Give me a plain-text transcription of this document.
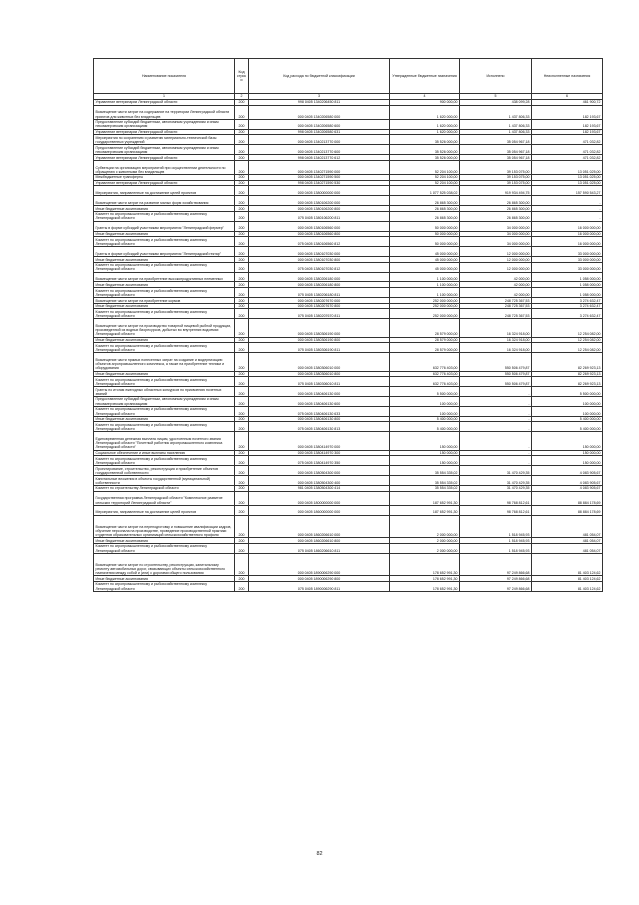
Наименование показателя	Код строки	Код расхода по бюджетной классификации	Утвержденные бюджетные назначения	Исполнено	Неисполненные назначения
1	2	3	4	5	6
Управление ветеринарии Ленинградской области	200	998 0405 1340206450 811	900 000,00	438 099,28	461 900,72
Возмещение части затрат на содержание на территории Ленинградской области приютов для животных без владельцев	200	000 0405 1340206580 000	1 620 000,00	1 437 806,33	182 193,67
Предоставление субсидий бюджетным, автономным учреждениям и иным некоммерческим организациям	200	000 0405 1340206580 600	1 620 000,00	1 437 806,33	182 193,67
Управление ветеринарии Ленинградской области	200	998 0405 1340206580 631	1 620 000,00	1 437 806,33	182 193,67
Мероприятия по сохранению и развитию материально-технической базы государственных учреждений	200	000 0405 1340213770 000	35 526 000,00	35 054 967,18	471 032,82
Предоставление субсидий бюджетным, автономным учреждениям и иным некоммерческим организациям	200	000 0405 1340213770 600	35 526 000,00	35 054 967,18	471 032,82
Управление ветеринарии Ленинградской области	200	998 0405 1340213770 612	35 526 000,00	35 054 967,18	471 032,82
Субвенции на организацию мероприятий при осуществлении деятельности по обращению с животными без владельцев	200	000 0405 1340271590 000	52 204 100,00	39 153 075,00	13 051 025,00
Межбюджетные трансферты	200	000 0405 1340271590 500	52 204 100,00	39 153 075,00	13 051 025,00
Управление ветеринарии Ленинградской области	200	998 0405 1340271590 530	52 204 100,00	39 153 075,00	13 051 025,00
Мероприятия, направленные на достижение целей проектов	200	000 0405 1380000000 000	1 077 525 038,02	919 934 494,75	157 590 543,27
Возмещение части затрат на развитие малых форм хозяйствования	200	000 0405 1380106200 000	26 865 300,00	26 865 300,00	-
Иные бюджетные ассигнования	200	000 0405 1380106200 800	26 865 300,00	26 865 300,00	-
Комитет по агропромышленному и рыбохозяйственному комплексу Ленинградской области	200	075 0405 1380106200 811	26 865 300,00	26 865 300,00	-
Гранты в форме субсидий участникам мероприятия "Ленинградский фермер"	200	000 0405 1380106560 000	50 000 000,00	34 000 000,00	16 000 000,00
Иные бюджетные ассигнования	200	000 0405 1380106560 800	50 000 000,00	34 000 000,00	16 000 000,00
Комитет по агропромышленному и рыбохозяйственному комплексу Ленинградской области	200	075 0405 1380106560 812	50 000 000,00	34 000 000,00	16 000 000,00
Гранты в форме субсидий участникам мероприятия "Ленинградский гектар"	200	000 0405 1380107030 000	45 000 000,00	12 000 000,00	33 000 000,00
Иные бюджетные ассигнования	200	000 0405 1380107030 800	45 000 000,00	12 000 000,00	33 000 000,00
Комитет по агропромышленному и рыбохозяйственному комплексу Ленинградской области	200	075 0405 1380107030 812	45 000 000,00	12 000 000,00	33 000 000,00
Возмещение части затрат на приобретение высокопродуктивных племенных	200	000 0405 1380206180 000	1 100 000,00	42 000,00	1 058 000,00
Иные бюджетные ассигнования	200	000 0405 1380206180 800	1 100 000,00	42 000,00	1 058 000,00
Комитет по агропромышленному и рыбохозяйственному комплексу Ленинградской области	200	075 0405 1380206180 811	1 100 000,00	42 000,00	1 058 000,00
Возмещение части затрат на приобретение кормов	200	000 0405 1380207670 000	252 000 000,00	248 725 367,53	3 274 632,47
Иные бюджетные ассигнования	200	000 0405 1380207670 800	252 000 000,00	248 725 367,53	3 274 632,47
Комитет по агропромышленному и рыбохозяйственному комплексу Ленинградской области	200	075 0405 1380207670 811	252 000 000,00	248 725 367,53	3 274 632,47
Возмещение части затрат на производство товарной пищевой рыбной продукции, произведенной из водных биоресурсов, добытых во внутренних водоемах Ленинградской области	200	000 0405 1380306190 000	28 579 000,00	16 324 918,00	12 254 082,00
Иные бюджетные ассигнования	200	000 0405 1380306190 800	28 579 000,00	16 324 918,00	12 254 082,00
Комитет по агропромышленному и рыбохозяйственному комплексу Ленинградской области	200	075 0405 1380306190 811	28 579 000,00	16 324 918,00	12 254 082,00
Возмещение части прямых понесенных затрат на создание и модернизацию объектов агропромышленного комплекса, а также на приобретение техники и оборудования	200	000 0405 1380306010 000	632 776 403,00	550 506 479,87	82 269 923,13
Иные бюджетные ассигнования	200	000 0405 1380306010 800	632 776 403,00	550 506 479,87	82 269 923,13
Комитет по агропромышленному и рыбохозяйственному комплексу Ленинградской области	200	075 0405 1380306010 811	632 776 403,00	550 506 479,87	82 269 923,13
Гранты по итогам ежегодных областных конкурсов по присвоению почетных званий	200	000 0405 1380406130 000	5 500 000,00	-	5 500 000,00
Предоставление субсидий бюджетным, автономным учреждениям и иным некоммерческим организациям	200	000 0405 1380406130 600	100 000,00	-	100 000,00
Комитет по агропромышленному и рыбохозяйственному комплексу Ленинградской области	200	075 0405 1380406130 633	100 000,00	-	100 000,00
Иные бюджетные ассигнования	200	000 0405 1380406130 800	5 400 000,00	-	5 400 000,00
Комитет по агропромышленному и рыбохозяйственному комплексу Ленинградской области	200	075 0405 1380406130 813	5 400 000,00	-	5 400 000,00
Единовременная денежная выплата лицам, удостоенным почетного звания Ленинградской области "Почетный работник агропромышленного комплекса Ленинградской области"	200	000 0405 1380414970 000	150 000,00	-	150 000,00
Социальное обеспечение и иные выплаты населению	200	000 0405 1380414970 300	150 000,00	-	150 000,00
Комитет по агропромышленному и рыбохозяйственному комплексу Ленинградской области	200	075 0405 1380414970 350	150 000,00	-	150 000,00
Проектирование, строительство, реконструкция и приобретение объектов государственной собственности	200	000 0405 1380504300 000	35 554 335,02	31 470 429,35	4 083 905,67
Капитальные вложения в объекты государственной (муниципальной) собственности	200	000 0405 1380504300 400	35 554 335,02	31 470 429,35	4 083 905,67
Комитет по строительству Ленинградской области	200	981 0405 1380504300 414	35 554 335,02	31 470 429,35	4 083 905,67
Государственная программа Ленинградской области "Комплексное развитие сельских территорий Ленинградской области"	200	000 0405 1800000000 000	187 652 991,30	98 768 812,61	88 884 178,69
Мероприятия, направленные на достижение целей проектов	200	000 0405 1860000000 000	187 652 991,30	98 768 812,61	88 884 178,69
Возмещение части затрат на переподготовку и повышение квалификации кадров, обучение персонала на производстве, проведение производственной практики студентов образовательных организаций сельскохозяйственного профиля	200	000 0405 1860206610 000	2 000 000,00	1 518 945,93	481 054,07
Иные бюджетные ассигнования	200	000 0405 1860206610 800	2 000 000,00	1 518 945,93	481 054,07
Комитет по агропромышленному и рыбохозяйственному комплексу Ленинградской области	200	075 0405 1860206610 811	2 000 000,00	1 518 945,93	481 054,07
Возмещение части затрат по строительству, реконструкции, капитальному ремонту автомобильных дорог, связывающих объекты сельскохозяйственного назначения между собой и (или) с дорогами общего пользования	200	000 0405 1890006290 000	178 652 991,30	97 249 866,68	81 403 124,62
Иные бюджетные ассигнования	200	000 0405 1890006290 800	178 652 991,30	97 249 866,68	81 403 124,62
Комитет по агропромышленному и рыбохозяйственному комплексу Ленинградской области	200	075 0405 1890006290 811	178 652 991,30	97 249 866,68	81 403 124,62
82
